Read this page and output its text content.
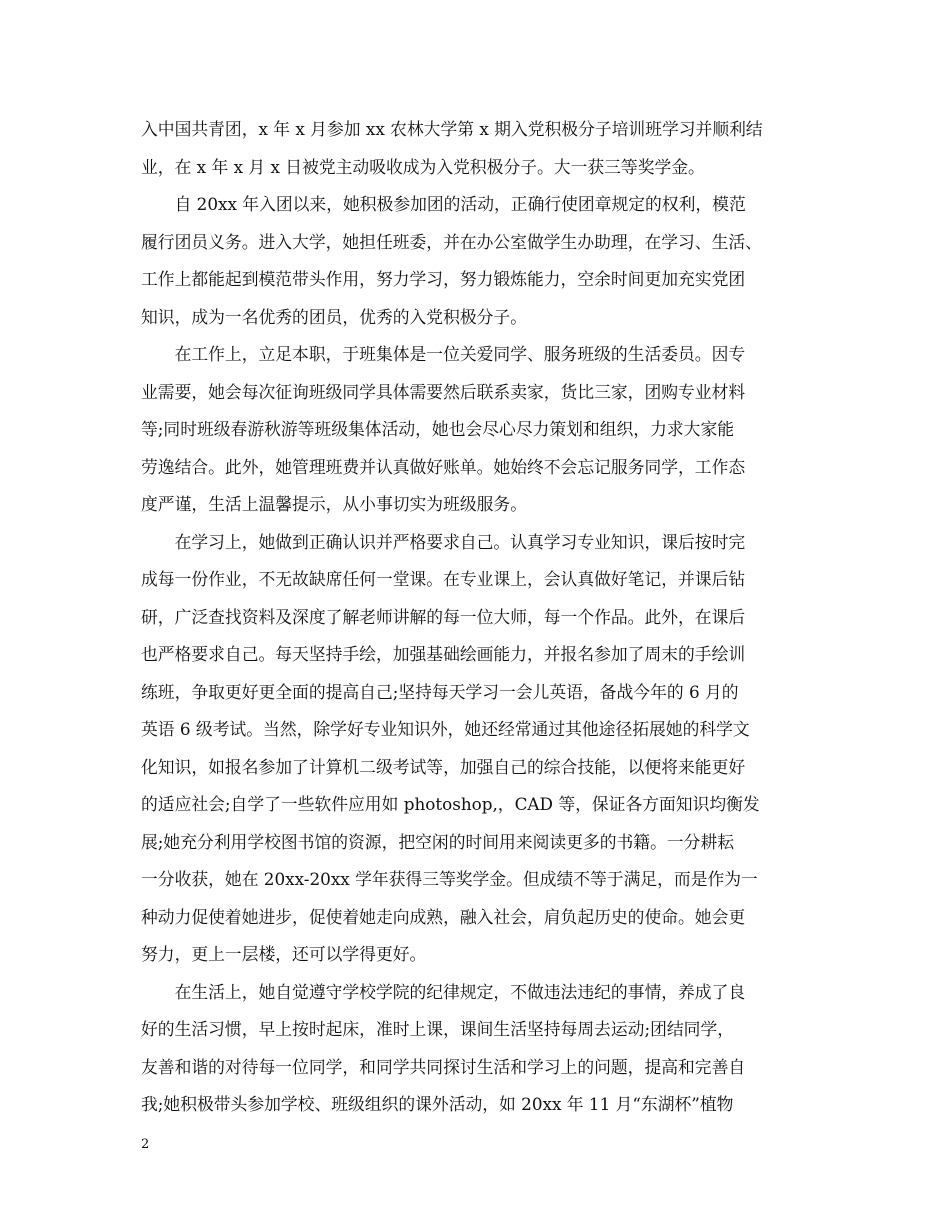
入中国共青团，x 年 x 月参加 xx 农林大学第 x 期入党积极分子培训班学习并顺利结
业，在 x 年 x 月 x 日被党主动吸收成为入党积极分子。大一获三等奖学金。
　　自 20xx 年入团以来，她积极参加团的活动，正确行使团章规定的权利，模范
履行团员义务。进入大学，她担任班委，并在办公室做学生办助理，在学习、生活、
工作上都能起到模范带头作用，努力学习，努力锻炼能力，空余时间更加充实党团
知识，成为一名优秀的团员，优秀的入党积极分子。
　　在工作上，立足本职，于班集体是一位关爱同学、服务班级的生活委员。因专
业需要，她会每次征询班级同学具体需要然后联系卖家，货比三家，团购专业材料
等;同时班级春游秋游等班级集体活动，她也会尽心尽力策划和组织，力求大家能
劳逸结合。此外，她管理班费并认真做好账单。她始终不会忘记服务同学，工作态
度严谨，生活上温馨提示，从小事切实为班级服务。
　　在学习上，她做到正确认识并严格要求自己。认真学习专业知识，课后按时完
成每一份作业，不无故缺席任何一堂课。在专业课上，会认真做好笔记，并课后钻
研，广泛查找资料及深度了解老师讲解的每一位大师，每一个作品。此外，在课后
也严格要求自己。每天坚持手绘，加强基础绘画能力，并报名参加了周末的手绘训
练班，争取更好更全面的提高自己;坚持每天学习一会儿英语，备战今年的 6 月的
英语 6 级考试。当然，除学好专业知识外，她还经常通过其他途径拓展她的科学文
化知识，如报名参加了计算机二级考试等，加强自己的综合技能，以便将来能更好
的适应社会;自学了一些软件应用如 photoshop,，CAD 等，保证各方面知识均衡发
展;她充分利用学校图书馆的资源，把空闲的时间用来阅读更多的书籍。一分耕耘
一分收获，她在 20xx-20xx 学年获得三等奖学金。但成绩不等于满足，而是作为一
种动力促使着她进步，促使着她走向成熟，融入社会，肩负起历史的使命。她会更
努力，更上一层楼，还可以学得更好。
　　在生活上，她自觉遵守学校学院的纪律规定，不做违法违纪的事情，养成了良
好的生活习惯，早上按时起床，准时上课，课间生活坚持每周去运动;团结同学，
友善和谐的对待每一位同学，和同学共同探讨生活和学习上的问题，提高和完善自
我;她积极带头参加学校、班级组织的课外活动，如 20xx 年 11 月“东湖杯”植物
2
